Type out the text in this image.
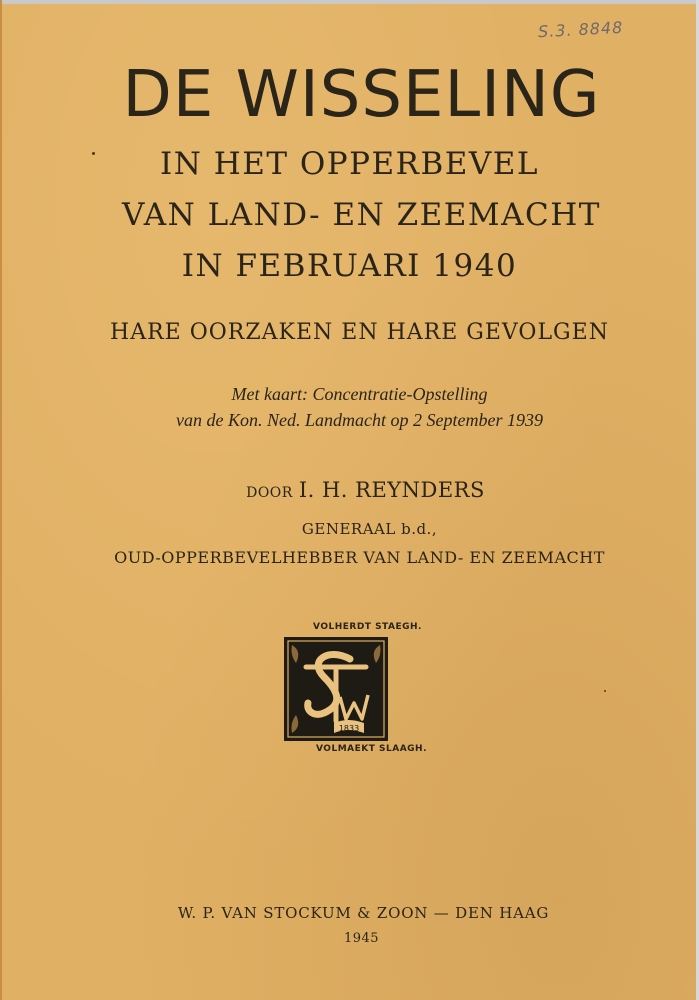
S.3. 8848
DE WISSELING
IN HET OPPERBEVEL
VAN LAND- EN ZEEMACHT
IN FEBRUARI 1940
HARE OORZAKEN EN HARE GEVOLGEN
Met kaart: Concentratie-Opstelling
van de Kon. Ned. Landmacht op 2 September 1939
DOOR I. H. REYNDERS
GENERAAL b.d.,
OUD-OPPERBEVELHEBBER VAN LAND- EN ZEEMACHT
VOLHERDT STAEGH.
1833
VOLMAEKT SLAAGH.
W. P. VAN STOCKUM & ZOON — DEN HAAG
1945
